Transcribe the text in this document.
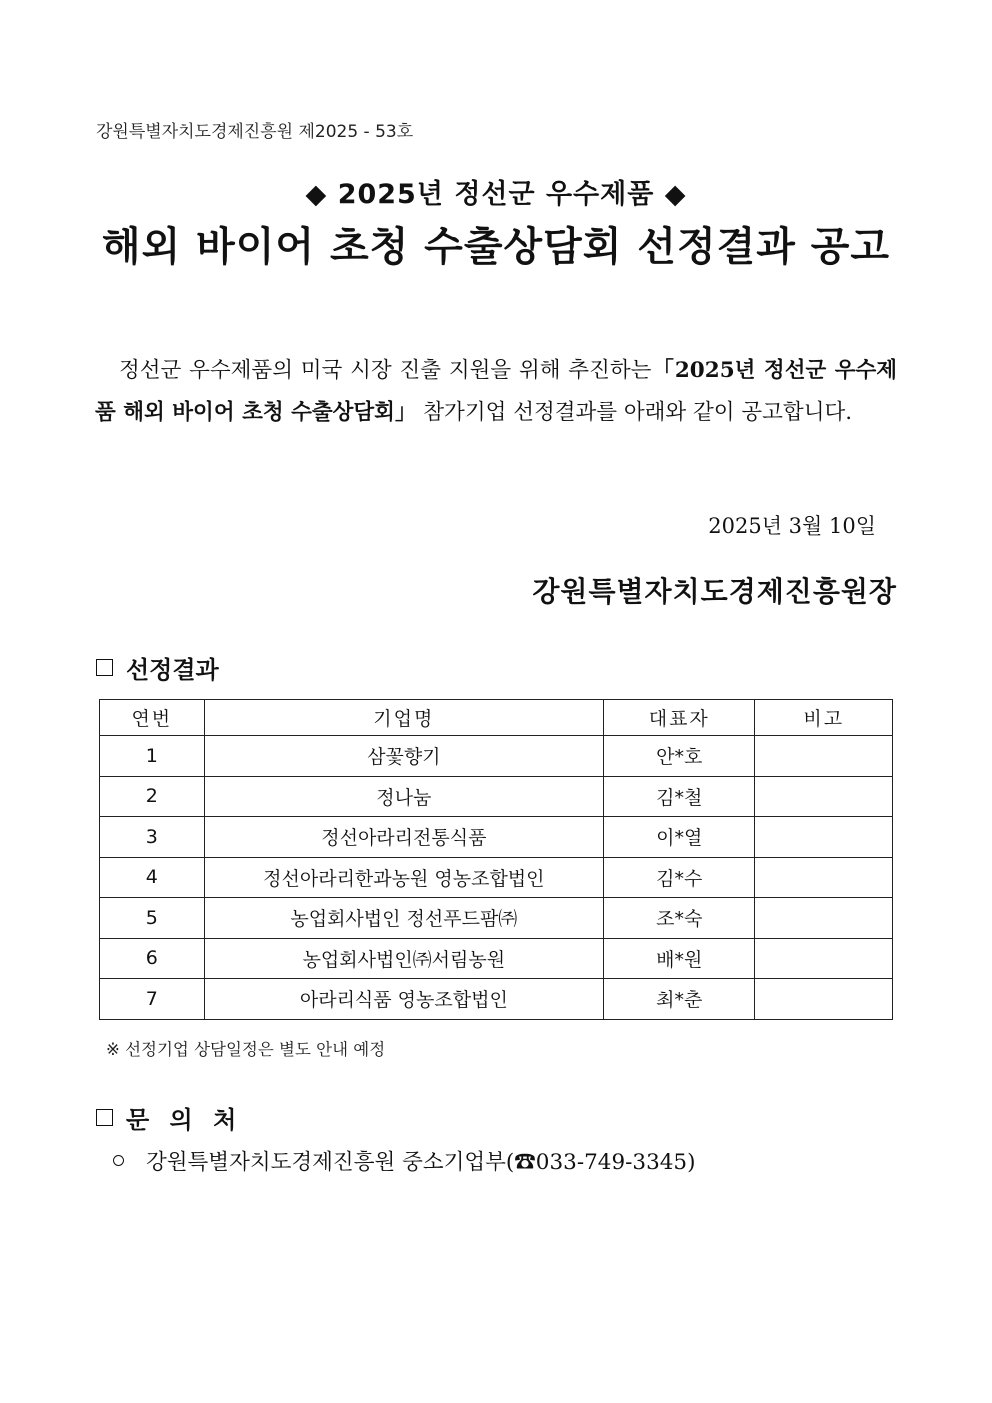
강원특별자치도경제진흥원 제2025 - 53호
◆ 2025년 정선군 우수제품 ◆
해외 바이어 초청 수출상담회 선정결과 공고
정선군 우수제품의 미국 시장 진출 지원을 위해 추진하는「2025년 정선군 우수제품 해외 바이어 초청 수출상담회」 참가기업 선정결과를 아래와 같이 공고합니다.
2025년 3월 10일
강원특별자치도경제진흥원장
선정결과
연번	기업명	대표자	비고
1	삼꽃향기	안*호	
2	정나눔	김*철	
3	정선아라리전통식품	이*열	
4	정선아라리한과농원 영농조합법인	김*수	
5	농업회사법인 정선푸드팜㈜	조*숙	
6	농업회사법인㈜서림농원	배*원	
7	아라리식품 영농조합법인	최*춘	
※ 선정기업 상담일정은 별도 안내 예정
문 의 처
강원특별자치도경제진흥원 중소기업부(☎033-749-3345)
